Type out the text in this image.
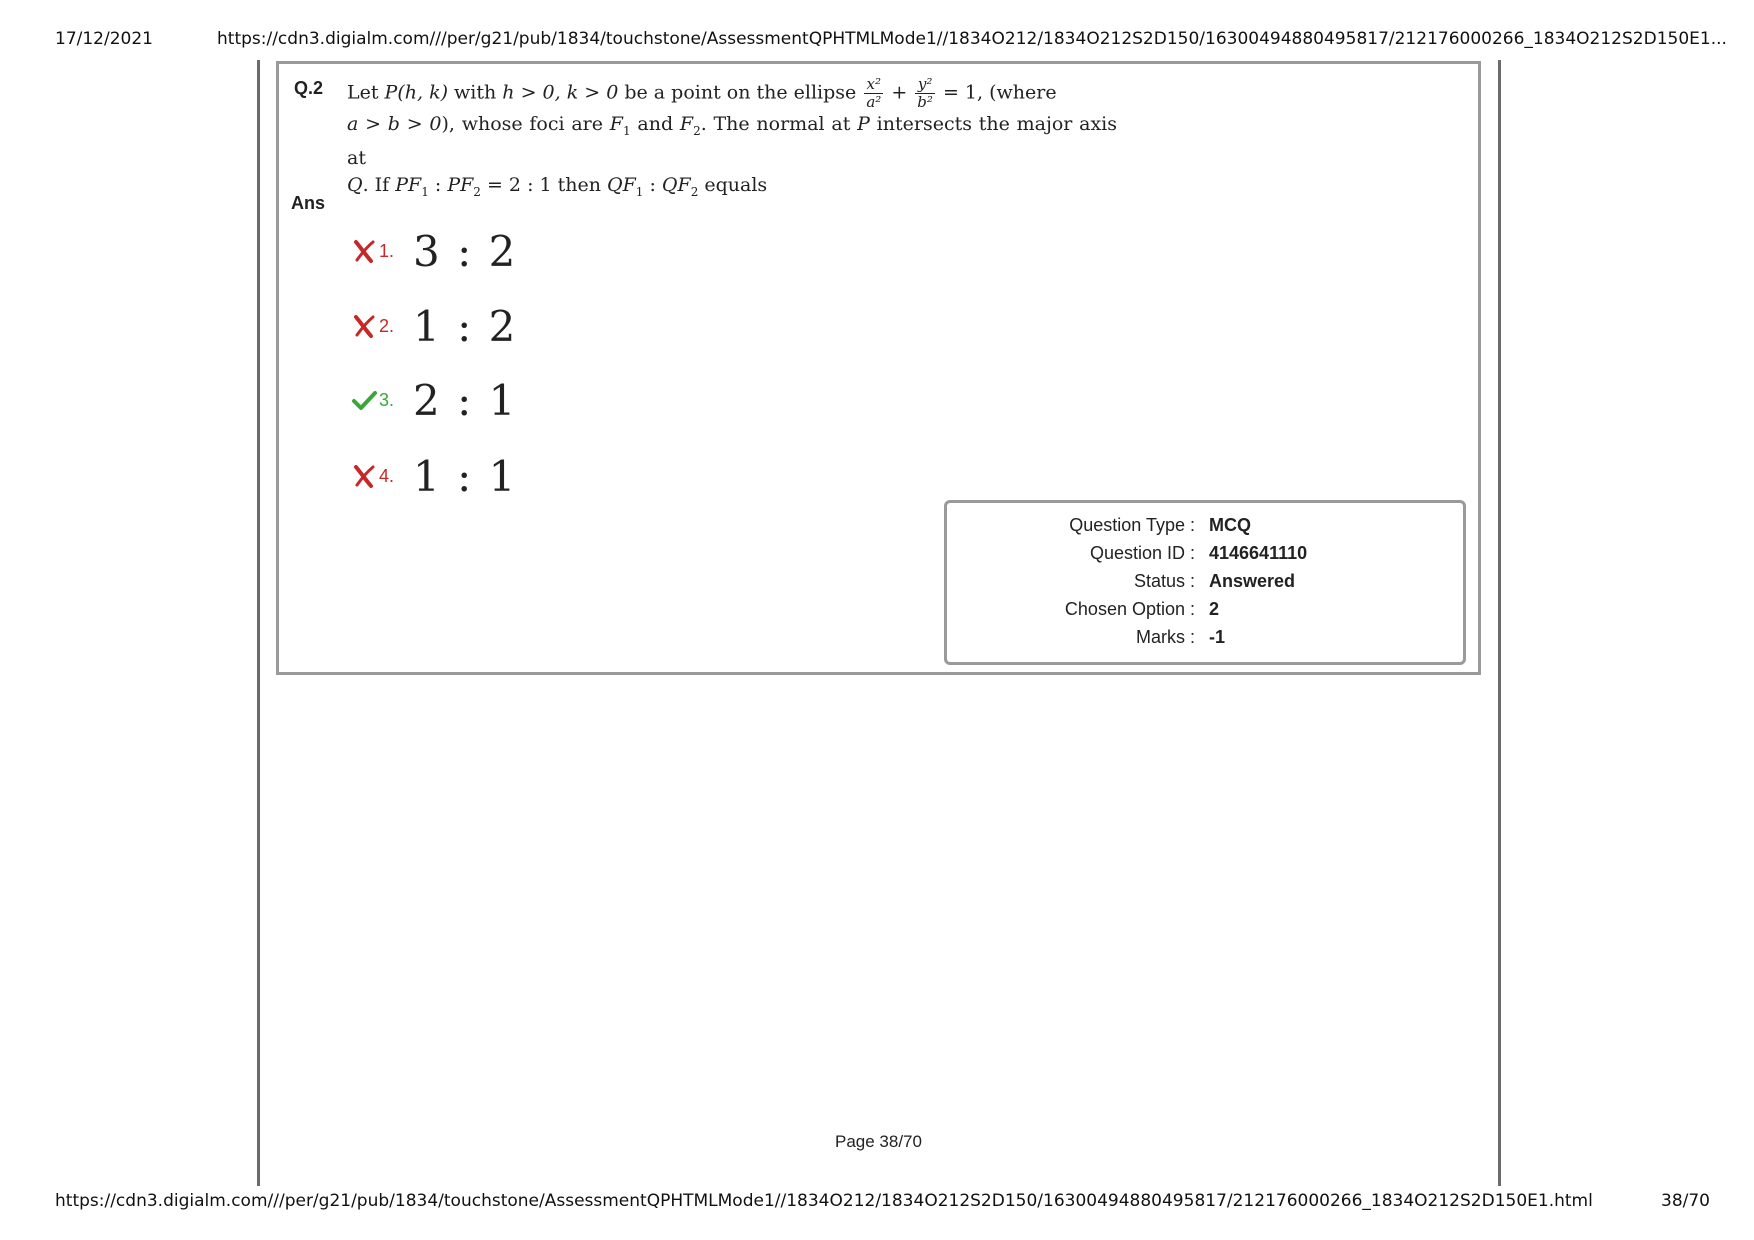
17/12/2021	https://cdn3.digialm.com///per/g21/pub/1834/touchstone/AssessmentQPHTMLMode1//1834O212/1834O212S2D150/16300494880495817/212176000266_1834O212S2D150E1...
Q.2 Let P(h, k) with h > 0, k > 0 be a point on the ellipse $\frac{\text{x²}}{\text{a²}} + \frac{\text{y²}}{\text{b²}} = 1$, (where
a > b > 0), whose foci are $F_1$ and $F_2$. The normal at P intersects the major axis at
Q. If $PF_1$ : $PF_2 = 2$ : 1 then $QF_1$ : $QF_2$ equals
Ans
1. 3 : 2
2. 1 : 2
3. 2 : 1
4. 1 : 1
Question Type : MCQ
Question ID : 4146641110
Status : Answered
Chosen Option : 2
Marks : -1
Page 38/70
https://cdn3.digialm.com///per/g21/pub/1834/touchstone/AssessmentQPHTMLMode1//1834O212/1834O212S2D150/16300494880495817/212176000266_1834O212S2D150E1.html	38/70
